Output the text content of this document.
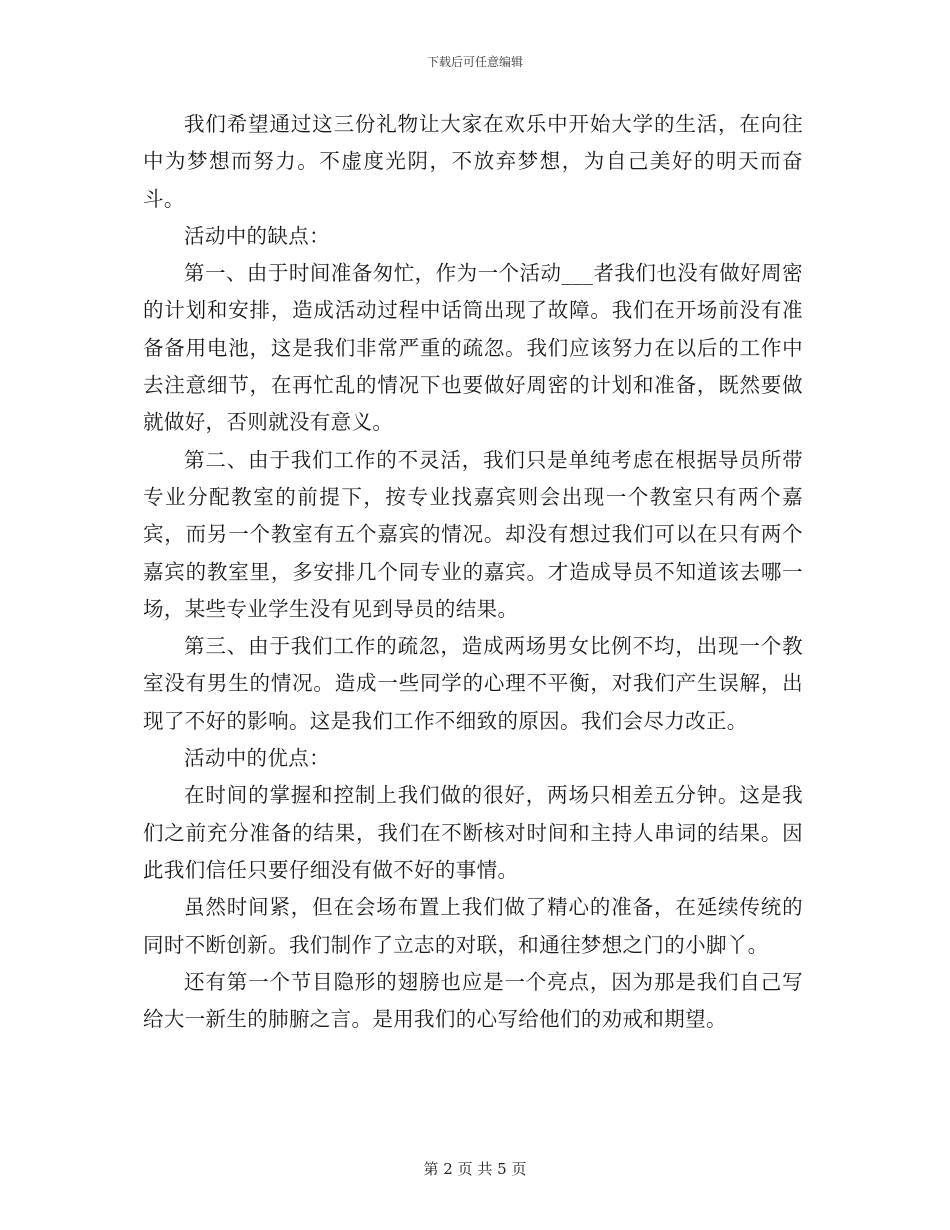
下载后可任意编辑

我们希望通过这三份礼物让大家在欢乐中开始大学的生活，在向往中为梦想而努力。不虚度光阴，不放弃梦想，为自己美好的明天而奋斗。

活动中的缺点：

第一、由于时间准备匆忙，作为一个活动___者我们也没有做好周密的计划和安排，造成活动过程中话筒出现了故障。我们在开场前没有准备备用电池，这是我们非常严重的疏忽。我们应该努力在以后的工作中去注意细节，在再忙乱的情况下也要做好周密的计划和准备，既然要做就做好，否则就没有意义。

第二、由于我们工作的不灵活，我们只是单纯考虑在根据导员所带专业分配教室的前提下，按专业找嘉宾则会出现一个教室只有两个嘉宾，而另一个教室有五个嘉宾的情况。却没有想过我们可以在只有两个嘉宾的教室里，多安排几个同专业的嘉宾。才造成导员不知道该去哪一场，某些专业学生没有见到导员的结果。

第三、由于我们工作的疏忽，造成两场男女比例不均，出现一个教室没有男生的情况。造成一些同学的心理不平衡，对我们产生误解，出现了不好的影响。这是我们工作不细致的原因。我们会尽力改正。

活动中的优点：

在时间的掌握和控制上我们做的很好，两场只相差五分钟。这是我们之前充分准备的结果，我们在不断核对时间和主持人串词的结果。因此我们信任只要仔细没有做不好的事情。

虽然时间紧，但在会场布置上我们做了精心的准备，在延续传统的同时不断创新。我们制作了立志的对联，和通往梦想之门的小脚丫。

还有第一个节目隐形的翅膀也应是一个亮点，因为那是我们自己写给大一新生的肺腑之言。是用我们的心写给他们的劝戒和期望。

第 2 页 共 5 页
